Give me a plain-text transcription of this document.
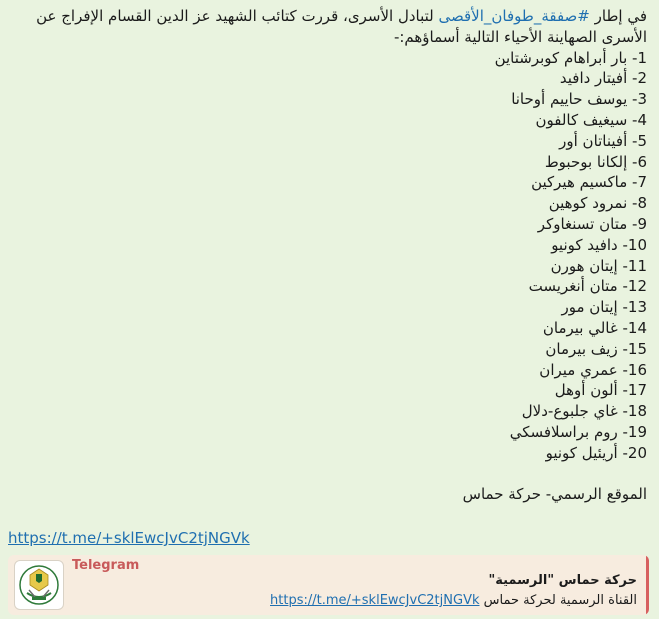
في إطار #صفقة_طوفان_الأقصى لتبادل الأسرى، قررت كتائب الشهيد عز الدين القسام الإفراج عن الأسرى الصهاينة الأحياء التالية أسماؤهم:-

1- بار أبراهام كوبرشتاين
2- أفيتار دافيد
3- يوسف حاييم أوحانا
4- سيغيف كالفون
5- أفيناتان أور
6- إلكانا بوحبوط
7- ماكسيم هيركين
8- نمرود كوهين
9- متان تسنغاوكر
10- دافيد كونيو
11- إيتان هورن
12- متان أنغريست
13- إيتان مور
14- غالي بيرمان
15- زيف بيرمان
16- عمري ميران
17- ألون أوهل
18- غاي جلبوع-دلال
19- روم براسلافسكي
20- أريئيل كونيو
الموقع الرسمي- حركة حماس
https://t.me/+sklEwcJvC2tjNGVk
Telegram
حركة حماس "الرسمية"
القناة الرسمية لحركة حماس https://t.me/+sklEwcJvC2tjNGVk
